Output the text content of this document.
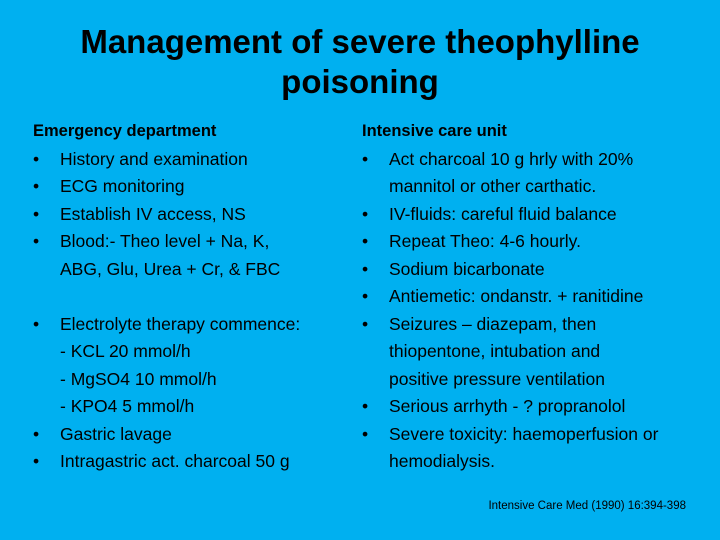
Management of severe theophylline
poisoning
Emergency department
• History and examination
• ECG monitoring
• Establish IV access, NS
• Blood:- Theo level + Na, K,
ABG, Glu, Urea + Cr, & FBC
• Electrolyte therapy commence:
- KCL 20 mmol/h
- MgSO4 10 mmol/h
- KPO4 5 mmol/h
• Gastric lavage
• Intragastric act. charcoal 50 g
Intensive care unit
• Act charcoal 10 g hrly with 20%
mannitol or other carthatic.
• IV-fluids: careful fluid balance
• Repeat Theo: 4-6 hourly.
• Sodium bicarbonate
• Antiemetic: ondanstr. + ranitidine
• Seizures – diazepam, then
thiopentone, intubation and
positive pressure ventilation
• Serious arrhyth - ? propranolol
• Severe toxicity: haemoperfusion or
hemodialysis.
Intensive Care Med (1990) 16:394-398
